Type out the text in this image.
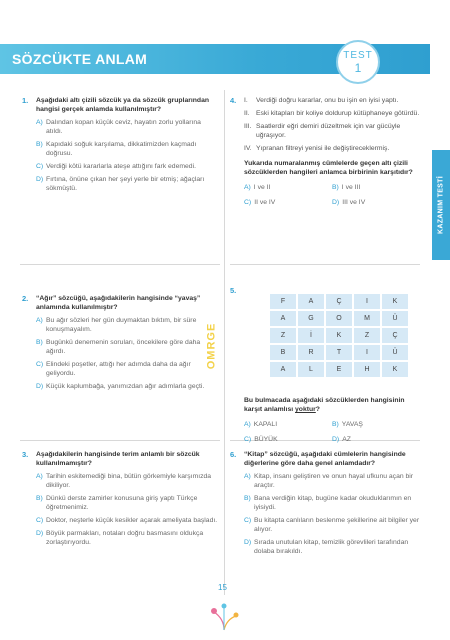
SÖZCÜKTE ANLAM	TEST
1
KAZANIM TESTİ
1. Aşağıdaki altı çizili sözcük ya da sözcük gruplarından hangisi gerçek anlamda kullanılmıştır?
A) Dalından kopan küçük ceviz, hayatın zorlu yollarına atıldı.
B) Kapıdaki soğuk karşılama, dikkatimizden kaçmadı doğrusu.
C) Verdiği kötü kararlarla ateşe attığını fark edemedi.
D) Fırtına, önüne çıkan her şeyi yerle bir etmiş; ağaçları sökmüştü.
2. “Ağır” sözcüğü, aşağıdakilerin hangisinde “yavaş” anlamında kullanılmıştır?
A) Bu ağır sözleri her gün duymaktan bıktım, bir süre konuşmayalım.
B) Bugünkü denemenin soruları, öncekilere göre daha ağırdı.
C) Elindeki poşetler, attığı her adımda daha da ağır geliyordu.
D) Küçük kaplumbağa, yanımızdan ağır adımlarla geçti.
3. Aşağıdakilerin hangisinde terim anlamlı bir sözcük kullanılmamıştır?
A) Tarihin eskitemediği bina, bütün görkemiyle karşımızda dikiliyor.
B) Dünkü derste zamirler konusuna giriş yaptı Türkçe öğretmenimiz.
C) Doktor, neşterle küçük kesikler açarak ameliyata başladı.
D) Böyük parmakları, notaları doğru basmasını oldukça zorlaştırıyordu.
4. I. Verdiği doğru kararlar, onu bu işin en iyisi yaptı.
II. Eski kitapları bir koliye doldurup kütüphaneye götürdü.
III. Saatlerdir eğri demiri düzeltmek için var gücüyle uğraşıyor.
IV. Yıpranan filtreyi yenisi ile değiştireceklermiş.
Yukarıda numaralanmış cümlelerde geçen altı çizili sözcüklerden hangileri anlamca birbirinin karşıtıdır?
A) I ve II	B) I ve III
C) II ve IV	D) III ve IV
5.
F	A	Ç	I	K
A	G	O	M	Ü
Z	İ	K	Z	Ç
B	R	T	I	Ü
A	L	E	H	K
Bu bulmacada aşağıdaki sözcüklerden hangisinin karşıt anlamlısı yoktur?
A) KAPALI	B) YAVAŞ
C) BÜYÜK	D) AZ
6. “Kitap” sözcüğü, aşağıdaki cümlelerin hangisinde diğerlerine göre daha genel anlamdadır?
A) Kitap, insanı geliştiren ve onun hayal ufkunu açan bir araçtır.
B) Bana verdiğin kitap, bugüne kadar okuduklarımın en iyisiydi.
C) Bu kitapta canlıların beslenme şekillerine ait bilgiler yer alıyor.
D) Sırada unutulan kitap, temizlik görevlileri tarafından dolaba bırakıldı.
OMRGE
15
